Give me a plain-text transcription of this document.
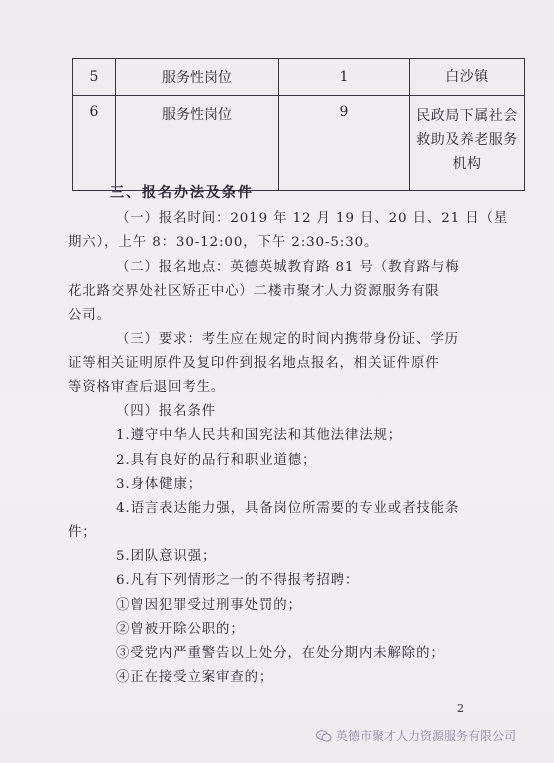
5	服务性岗位	1	白沙镇

6	服务性岗位	9	民政局下属社会
救助及养老服务
机构
三、报名办法及条件
（一）报名时间：2019 年 12 月 19 日、20 日、21 日（星
期六），上午 8：30-12:00，下午 2:30-5:30。
（二）报名地点：英德英城教育路 81 号（教育路与梅
花北路交界处社区矫正中心）二楼市聚才人力资源服务有限
公司。
（三）要求：考生应在规定的时间内携带身份证、学历
证等相关证明原件及复印件到报名地点报名，相关证件原件
等资格审查后退回考生。
（四）报名条件
1.遵守中华人民共和国宪法和其他法律法规；
2.具有良好的品行和职业道德；
3.身体健康；
4.语言表达能力强，具备岗位所需要的专业或者技能条
件；
5.团队意识强；
6.凡有下列情形之一的不得报考招聘：
①曾因犯罪受过刑事处罚的；
②曾被开除公职的；
③受党内严重警告以上处分，在处分期内未解除的；
④正在接受立案审查的；
2
英德市聚才人力资源服务有限公司
